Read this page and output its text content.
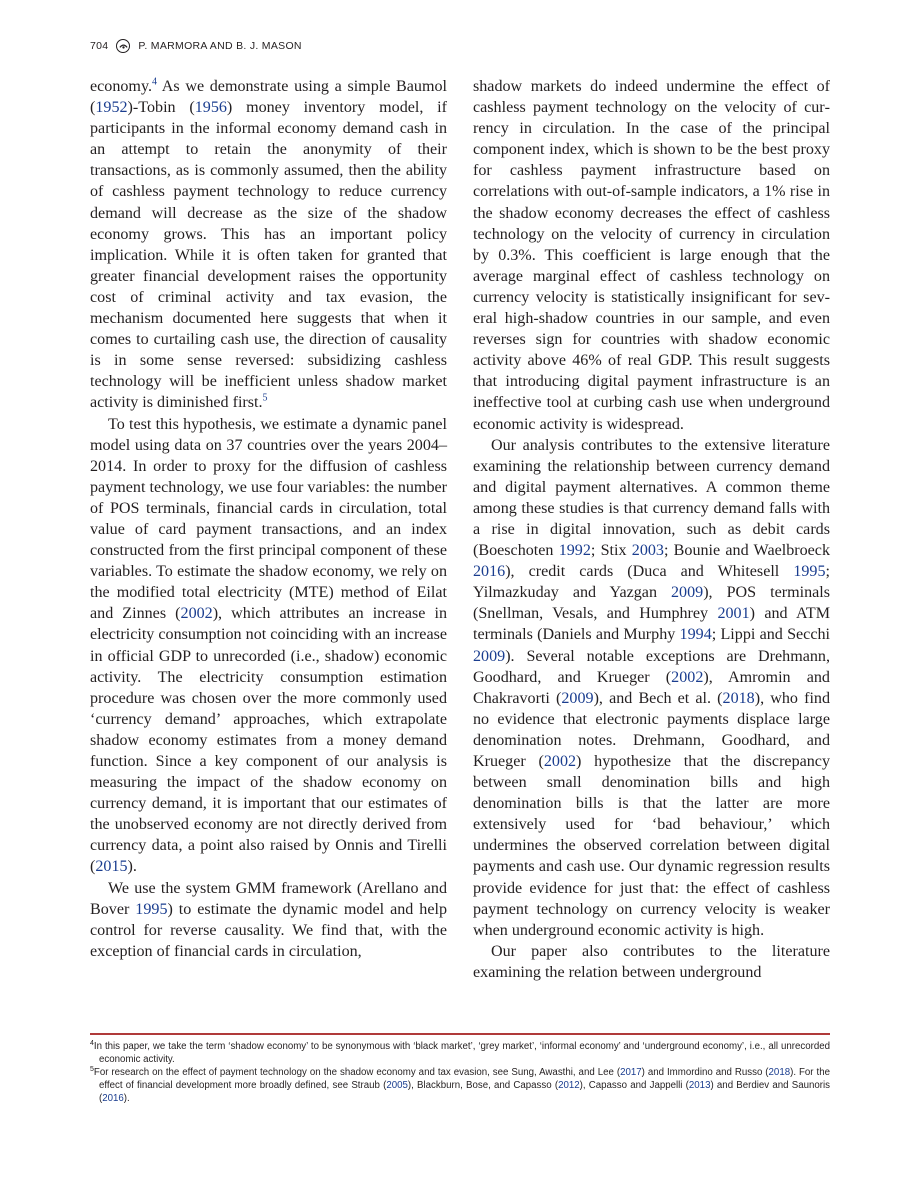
704	P. MARMORA AND B. J. MASON

economy.$^4$ As we demonstrate using a simple Baumol (1952)-Tobin (1956) money inventory model, if participants in the informal economy demand cash in an attempt to retain the anonymity of their transactions, as is commonly assumed, then the ability of cashless payment technology to reduce currency demand will decrease as the size of the shadow economy grows. This has an important policy implication. While it is often taken for granted that greater financial development raises the opportunity cost of criminal activity and tax evasion, the mechanism documented here suggests that when it comes to curtailing cash use, the direction of causality is in some sense reversed: subsidizing cashless technology will be inefficient unless shadow market activity is diminished first.$^5$

To test this hypothesis, we estimate a dynamic panel model using data on 37 countries over the years 2004–2014. In order to proxy for the diffusion of cashless payment technology, we use four variables: the number of POS terminals, financial cards in circulation, total value of card payment transactions, and an index constructed from the first principal component of these variables. To estimate the shadow economy, we rely on the modified total electricity (MTE) method of Eilat and Zinnes (2002), which attributes an increase in electricity consumption not coinciding with an increase in official GDP to unrecorded (i.e., shadow) economic activity. The electricity consumption estimation procedure was chosen over the more commonly used ‘currency demand’ approaches, which extrapolate shadow economy estimates from a money demand function. Since a key component of our analysis is measuring the impact of the shadow economy on currency demand, it is important that our estimates of the unobserved economy are not directly derived from currency data, a point also raised by Onnis and Tirelli (2015).

We use the system GMM framework (Arellano and Bover 1995) to estimate the dynamic model and help control for reverse causality. We find that, with the exception of financial cards in circulation,

shadow markets do indeed undermine the effect of cashless payment technology on the velocity of currency in circulation. In the case of the principal component index, which is shown to be the best proxy for cashless payment infrastructure based on correlations with out-of-sample indicators, a 1% rise in the shadow economy decreases the effect of cashless technology on the velocity of currency in circulation by 0.3%. This coefficient is large enough that the average marginal effect of cashless technology on currency velocity is statistically insignificant for several high-shadow countries in our sample, and even reverses sign for countries with shadow economic activity above 46% of real GDP. This result suggests that introducing digital payment infrastructure is an ineffective tool at curbing cash use when underground economic activity is widespread.

Our analysis contributes to the extensive literature examining the relationship between currency demand and digital payment alternatives. A common theme among these studies is that currency demand falls with a rise in digital innovation, such as debit cards (Boeschoten 1992; Stix 2003; Bounie and Waelbroeck 2016), credit cards (Duca and Whitesell 1995; Yilmazkuday and Yazgan 2009), POS terminals (Snellman, Vesals, and Humphrey 2001) and ATM terminals (Daniels and Murphy 1994; Lippi and Secchi 2009). Several notable exceptions are Drehmann, Goodhard, and Krueger (2002), Amromin and Chakravorti (2009), and Bech et al. (2018), who find no evidence that electronic payments displace large denomination notes. Drehmann, Goodhard, and Krueger (2002) hypothesize that the discrepancy between small denomination bills and high denomination bills is that the latter are more extensively used for ‘bad behaviour,’ which undermines the observed correlation between digital payments and cash use. Our dynamic regression results provide evidence for just that: the effect of cashless payment technology on currency velocity is weaker when underground economic activity is high.

Our paper also contributes to the literature examining the relation between underground

$^4$In this paper, we take the term ‘shadow economy’ to be synonymous with ‘black market’, ‘grey market’, ‘informal economy’ and ‘underground economy’, i.e., all unrecorded economic activity.

$^5$For research on the effect of payment technology on the shadow economy and tax evasion, see Sung, Awasthi, and Lee (2017) and Immordino and Russo (2018). For the effect of financial development more broadly defined, see Straub (2005), Blackburn, Bose, and Capasso (2012), Capasso and Jappelli (2013) and Berdiev and Saunoris (2016).
